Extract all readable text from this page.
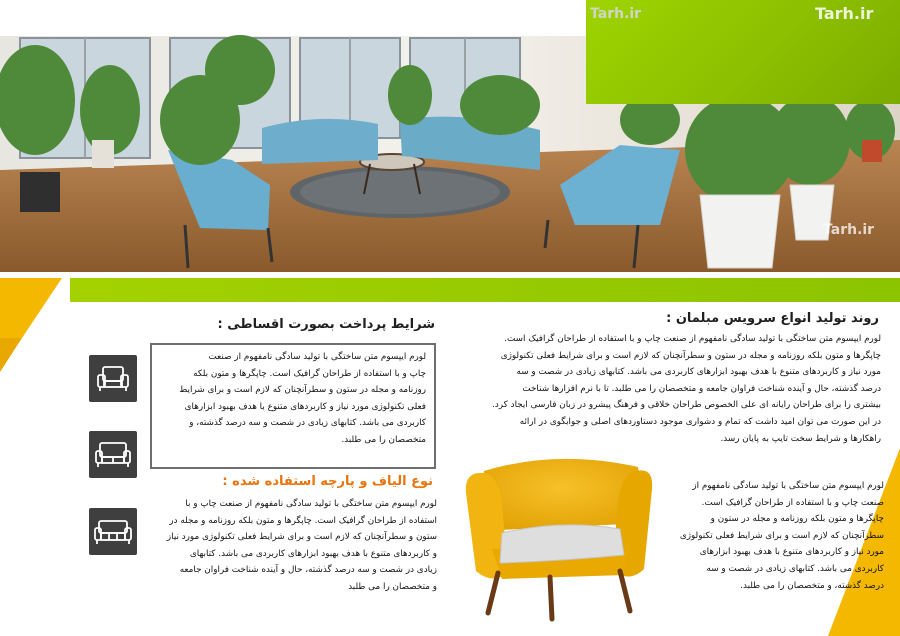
Tarh.ir	Tarh.ir
Tarh.ir
روند تولید انواع سرویس مبلمان :
لورم ایپسوم متن ساختگی با تولید سادگی نامفهوم از صنعت چاپ و با استفاده از طراحان گرافیک است.
چاپگرها و متون بلکه روزنامه و مجله در ستون و سطرآنچنان که لازم است و برای شرایط فعلی تکنولوژی
مورد نیاز و کاربردهای متنوع با هدف بهبود ابزارهای کاربردی می باشد. کتابهای زیادی در شصت و سه
درصد گذشته، حال و آینده شناخت فراوان جامعه و متخصصان را می طلبد. تا با نرم افزارها شناخت
بیشتری را برای طراحان رایانه ای علی الخصوص طراحان خلاقی و فرهنگ پیشرو در زبان فارسی ایجاد کرد.
در این صورت می توان امید داشت که تمام و دشواری موجود دستاوردهای اصلی و جوابگوی در ارائه
راهکارها و شرایط سخت تایپ به پایان رسد.
شرایط پرداخت بصورت اقساطی :
لورم ایپسوم متن ساختگی با تولید سادگی نامفهوم از صنعت
چاپ و با استفاده از طراحان گرافیک است. چاپگرها و متون بلکه
روزنامه و مجله در ستون و سطرآنچنان که لازم است و برای شرایط
فعلی تکنولوژی مورد نیاز و کاربردهای متنوع با هدف بهبود ابزارهای
کاربردی می باشد. کتابهای زیادی در شصت و سه درصد گذشته، و
متخصصان را می طلبد.
نوع الیاف و پارچه استفاده شده :
لورم ایپسوم متن ساختگی با تولید سادگی نامفهوم از صنعت چاپ و با
استفاده از طراحان گرافیک است. چاپگرها و متون بلکه روزنامه و مجله در
ستون و سطرآنچنان که لازم است و برای شرایط فعلی تکنولوژی مورد نیاز
و کاربردهای متنوع با هدف بهبود ابزارهای کاربردی می باشد. کتابهای
زیادی در شصت و سه درصد گذشته، حال و آینده شناخت فراوان جامعه
و متخصصان را می طلبد
لورم ایپسوم متن ساختگی با تولید سادگی نامفهوم از
صنعت چاپ و با استفاده از طراحان گرافیک است.
چاپگرها و متون بلکه روزنامه و مجله در ستون و
سطرآنچنان که لازم است و برای شرایط فعلی تکنولوژی
مورد نیاز و کاربردهای متنوع با هدف بهبود ابزارهای
کاربردی می باشد. کتابهای زیادی در شصت و سه
درصد گذشته، و متخصصان را می طلبد.
